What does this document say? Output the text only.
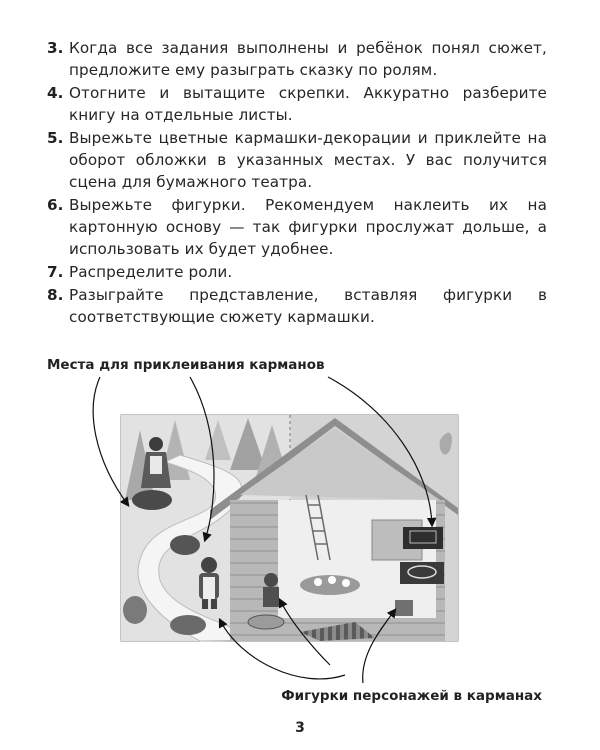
3. Когда все задания выполнены и ребёнок понял сюжет, предложите ему разыграть сказку по ролям.
4. Отогните и вытащите скрепки. Аккуратно разберите книгу на отдельные листы.
5. Вырежьте цветные кармашки-декорации и приклейте на оборот обложки в указанных местах. У вас получится сцена для бумажного театра.
6. Вырежьте фигурки. Рекомендуем наклеить их на картонную основу — так фигурки прослужат дольше, а использовать их будет удобнее.
7. Распределите роли.
8. Разыграйте представление, вставляя фигурки в соответствующие сюжету кармашки.
Места для приклеивания карманов
Фигурки персонажей в карманах
3
